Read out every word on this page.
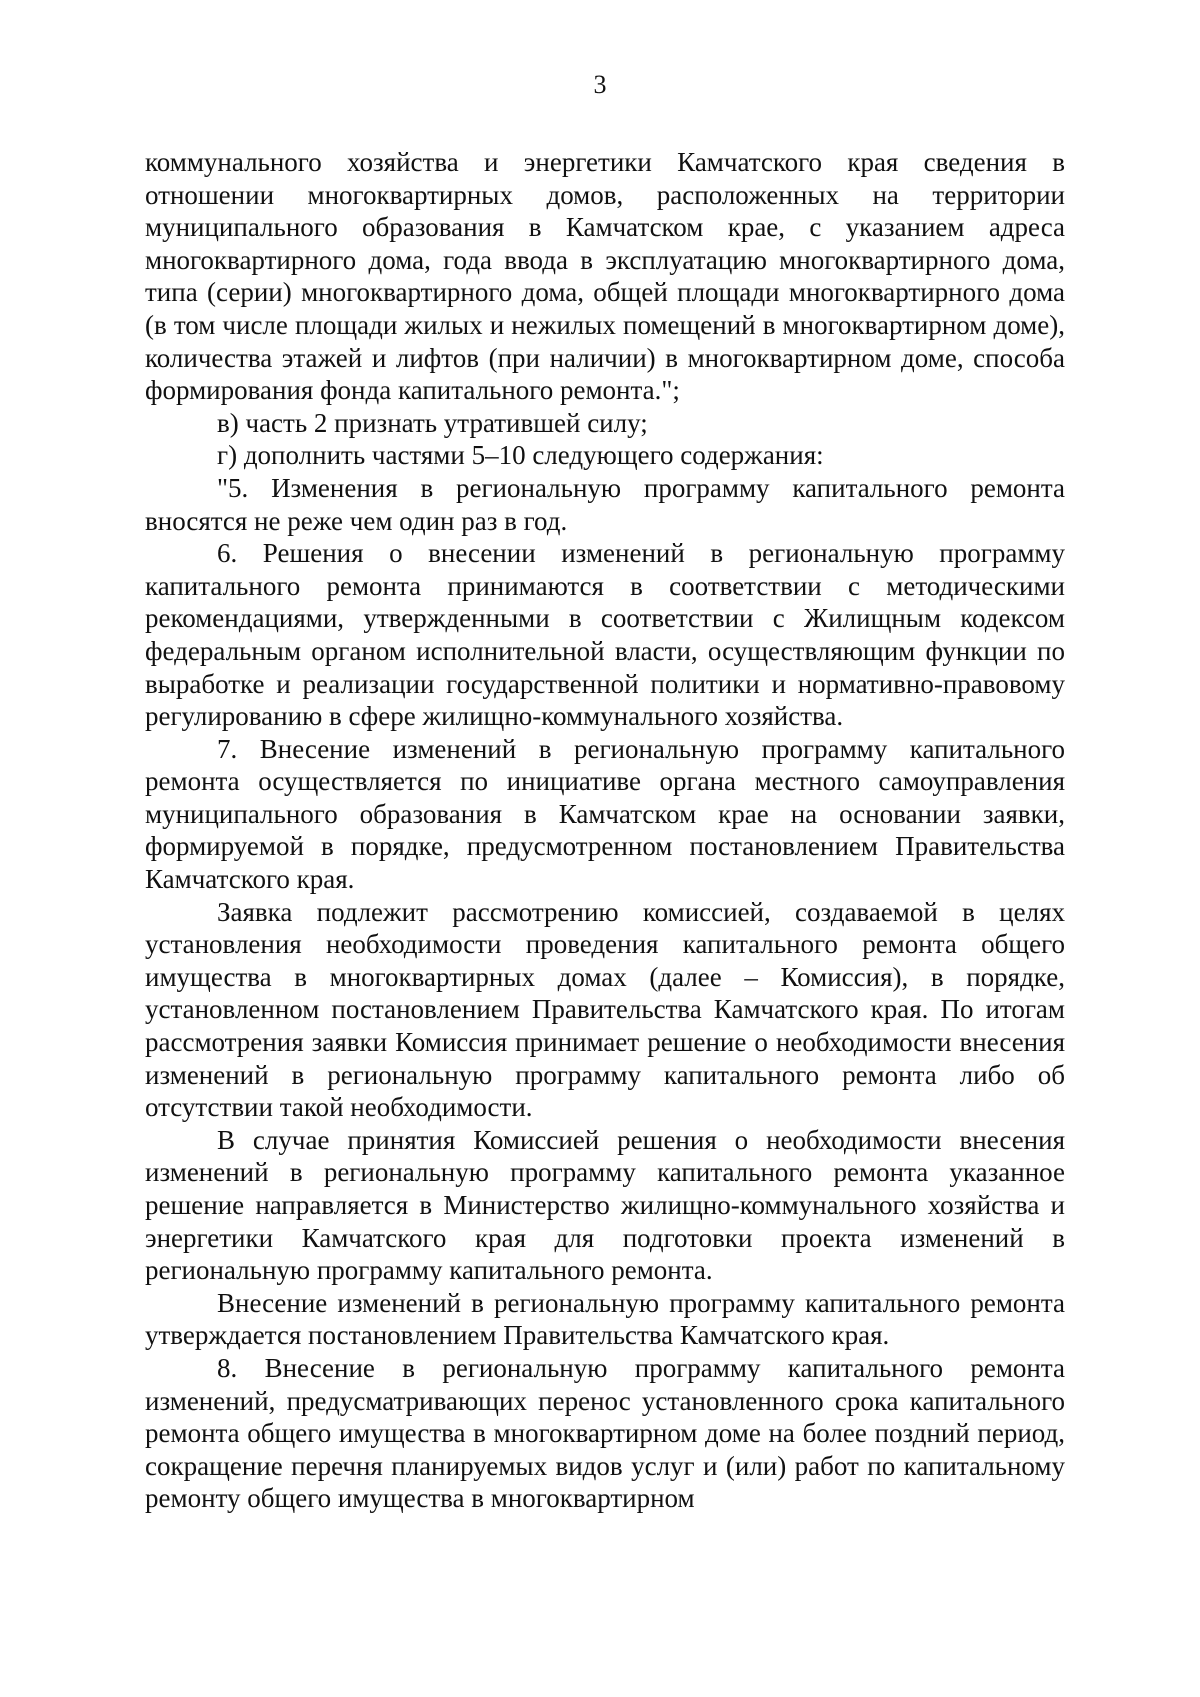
3

коммунального хозяйства и энергетики Камчатского края сведения в отношении многоквартирных домов, расположенных на территории муниципального образования в Камчатском крае, с указанием адреса многоквартирного дома, года ввода в эксплуатацию многоквартирного дома, типа (серии) многоквартирного дома, общей площади многоквартирного дома (в том числе площади жилых и нежилых помещений в многоквартирном доме), количества этажей и лифтов (при наличии) в многоквартирном доме, способа формирования фонда капитального ремонта.";

в) часть 2 признать утратившей силу;

г) дополнить частями 5–10 следующего содержания:

"5. Изменения в региональную программу капитального ремонта вносятся не реже чем один раз в год.

6. Решения о внесении изменений в региональную программу капитального ремонта принимаются в соответствии с методическими рекомендациями, утвержденными в соответствии с Жилищным кодексом федеральным органом исполнительной власти, осуществляющим функции по выработке и реализации государственной политики и нормативно-правовому регулированию в сфере жилищно-коммунального хозяйства.

7. Внесение изменений в региональную программу капитального ремонта осуществляется по инициативе органа местного самоуправления муниципального образования в Камчатском крае на основании заявки, формируемой в порядке, предусмотренном постановлением Правительства Камчатского края.

Заявка подлежит рассмотрению комиссией, создаваемой в целях установления необходимости проведения капитального ремонта общего имущества в многоквартирных домах (далее – Комиссия), в порядке, установленном постановлением Правительства Камчатского края. По итогам рассмотрения заявки Комиссия принимает решение о необходимости внесения изменений в региональную программу капитального ремонта либо об отсутствии такой необходимости.

В случае принятия Комиссией решения о необходимости внесения изменений в региональную программу капитального ремонта указанное решение направляется в Министерство жилищно-коммунального хозяйства и энергетики Камчатского края для подготовки проекта изменений в региональную программу капитального ремонта.

Внесение изменений в региональную программу капитального ремонта утверждается постановлением Правительства Камчатского края.

8. Внесение в региональную программу капитального ремонта изменений, предусматривающих перенос установленного срока капитального ремонта общего имущества в многоквартирном доме на более поздний период, сокращение перечня планируемых видов услуг и (или) работ по капитальному ремонту общего имущества в многоквартирном
